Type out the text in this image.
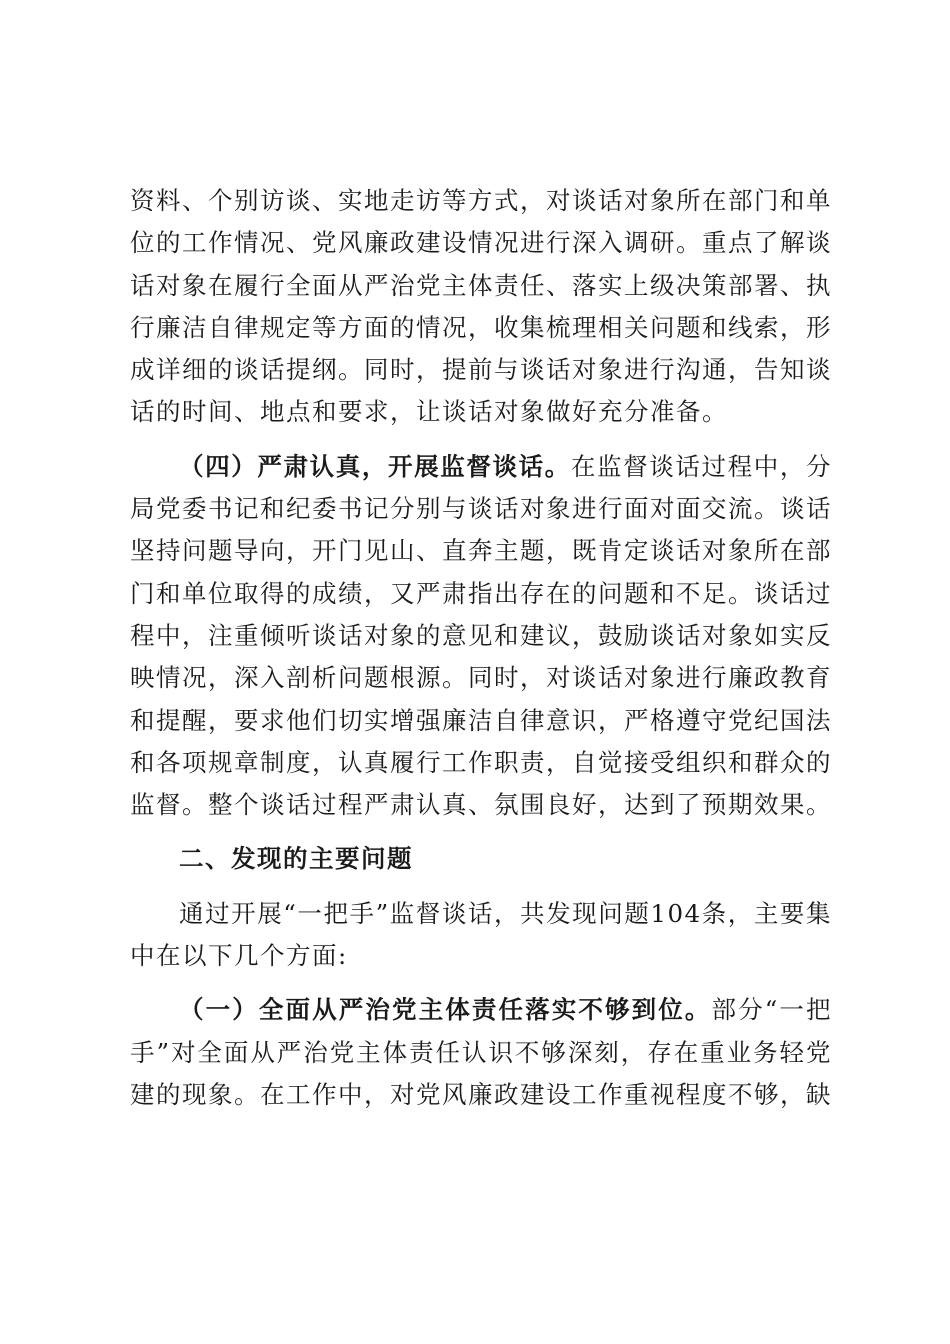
资料、个别访谈、实地走访等方式，对谈话对象所在部门和单位的工作情况、党风廉政建设情况进行深入调研。重点了解谈话对象在履行全面从严治党主体责任、落实上级决策部署、执行廉洁自律规定等方面的情况，收集梳理相关问题和线索，形成详细的谈话提纲。同时，提前与谈话对象进行沟通，告知谈话的时间、地点和要求，让谈话对象做好充分准备。

（四）严肃认真，开展监督谈话。在监督谈话过程中，分局党委书记和纪委书记分别与谈话对象进行面对面交流。谈话坚持问题导向，开门见山、直奔主题，既肯定谈话对象所在部门和单位取得的成绩，又严肃指出存在的问题和不足。谈话过程中，注重倾听谈话对象的意见和建议，鼓励谈话对象如实反映情况，深入剖析问题根源。同时，对谈话对象进行廉政教育和提醒，要求他们切实增强廉洁自律意识，严格遵守党纪国法和各项规章制度，认真履行工作职责，自觉接受组织和群众的监督。整个谈话过程严肃认真、氛围良好，达到了预期效果。

二、发现的主要问题

通过开展“一把手”监督谈话，共发现问题104条，主要集中在以下几个方面:

（一）全面从严治党主体责任落实不够到位。部分“一把手”对全面从严治党主体责任认识不够深刻，存在重业务轻党建的现象。在工作中，对党风廉政建设工作重视程度不够，缺
